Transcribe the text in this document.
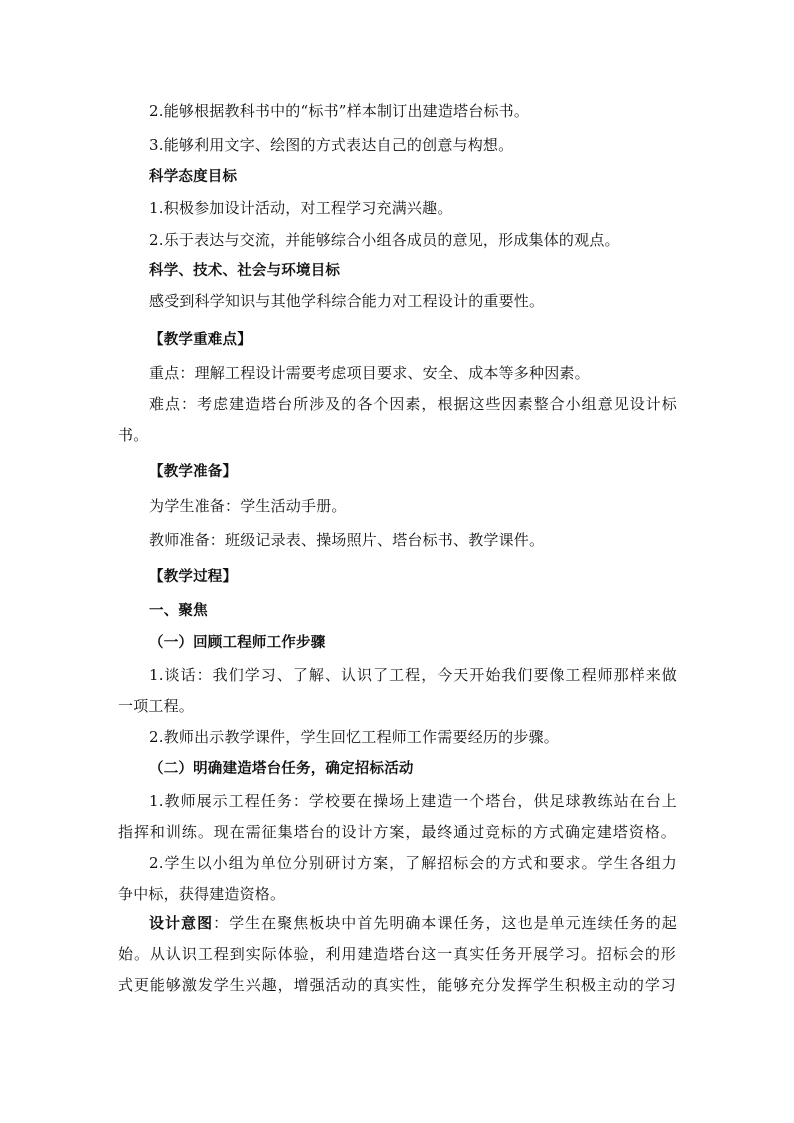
2.能够根据教科书中的“标书”样本制订出建造塔台标书。
3.能够利用文字、绘图的方式表达自己的创意与构想。
科学态度目标
1.积极参加设计活动，对工程学习充满兴趣。
2.乐于表达与交流，并能够综合小组各成员的意见，形成集体的观点。
科学、技术、社会与环境目标
感受到科学知识与其他学科综合能力对工程设计的重要性。
【教学重难点】
重点：理解工程设计需要考虑项目要求、安全、成本等多种因素。
难点：考虑建造塔台所涉及的各个因素，根据这些因素整合小组意见设计标
书。
【教学准备】
为学生准备：学生活动手册。
教师准备：班级记录表、操场照片、塔台标书、教学课件。
【教学过程】
一、聚焦
（一）回顾工程师工作步骤
1.谈话：我们学习、了解、认识了工程，今天开始我们要像工程师那样来做
一项工程。
2.教师出示教学课件，学生回忆工程师工作需要经历的步骤。
（二）明确建造塔台任务，确定招标活动
1.教师展示工程任务：学校要在操场上建造一个塔台，供足球教练站在台上
指挥和训练。现在需征集塔台的设计方案，最终通过竞标的方式确定建塔资格。
2.学生以小组为单位分别研讨方案，了解招标会的方式和要求。学生各组力
争中标，获得建造资格。
设计意图：学生在聚焦板块中首先明确本课任务，这也是单元连续任务的起
始。从认识工程到实际体验，利用建造塔台这一真实任务开展学习。招标会的形
式更能够激发学生兴趣，增强活动的真实性，能够充分发挥学生积极主动的学习
